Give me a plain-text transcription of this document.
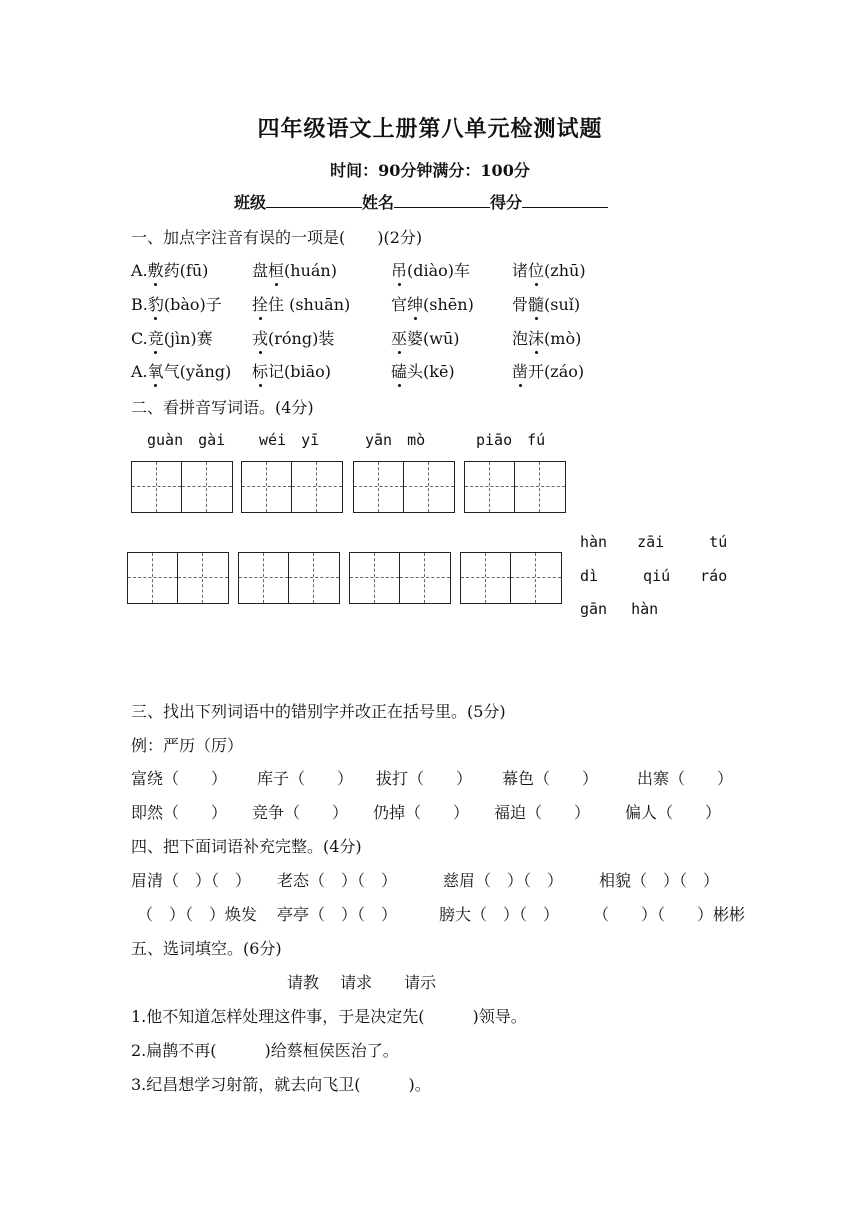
四年级语文上册第八单元检测试题
时间：90分钟满分：100分
班级	姓名	得分
一、加点字注音有误的一项是(　　)(2分)
A.敷药(fū)	盘桓(huán)	吊(diào)车	诸位(zhū)
B.豹(bào)子 拴住 (shuān)	官绅(shēn) 骨髓(suǐ)
C.竞(jìn)赛 戎(róng)装	巫婆(wū)	泡沫(mò)
A.氧气(yǎng) 标记(biāo)	磕头(kē)	凿开(záo)
二、看拼音写词语。(4分)
guàn　gài wéi　yī	yān　mò	piāo　fú
hàn　　zāi　　　tú
dì　　　qiú　　ráo
gān　 hàn
三、找出下列词语中的错别字并改正在括号里。(5分)
例：严历（厉）
富绕（　　） 库子（　　） 拔打（　　） 幕色（　　） 出寨（　　）
即然（　　） 竞争（　　） 仍掉（　　） 福迫（　　） 偏人（　　）
四、把下面词语补充完整。(4分)
眉清（　）（　） 老态（　）（　）	慈眉（　）（　） 相貌（　）（　）
（　）（　）焕发 亭亭（　）（　）	膀大（　）（　） （　　）（　　）彬彬
五、选词填空。(6分)
请教　 请求　　请示
1.他不知道怎样处理这件事，于是决定先(　　　)领导。
2.扁鹊不再(　　　)给蔡桓侯医治了。
3.纪昌想学习射箭，就去向飞卫(　　　)。
